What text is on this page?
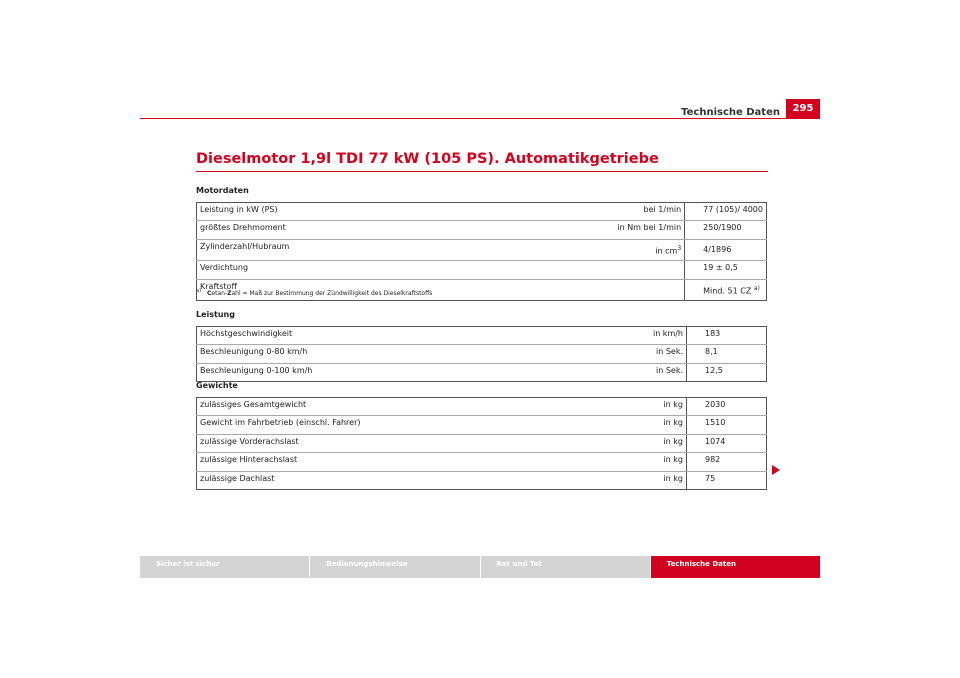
Technische Daten	295
Dieselmotor 1,9l TDI 77 kW (105 PS). Automatikgetriebe
Motordaten
Leistung in kW (PS)	bei 1/min	77 (105)/ 4000
größtes Drehmoment	in Nm bei 1/min	250/1900
Zylinderzahl/Hubraum	in $cm^3$	4/1896
Verdichtung		19 ± 0,5
Kraftstoff		Mind. 51 CZ $^{a)}$
$^{a)}$ Cetan-Zahl = Maß zur Bestimmung der Zündwilligkeit des Dieselkraftstoffs
Leistung
Höchstgeschwindigkeit	in km/h	183
Beschleunigung 0-80 km/h	in Sek.	8,1
Beschleunigung 0-100 km/h	in Sek.	12,5
Gewichte
zulässiges Gesamtgewicht	in kg	2030
Gewicht im Fahrbetrieb (einschl. Fahrer)	in kg	1510
zulässige Vorderachslast	in kg	1074
zulässige Hinterachslast	in kg	982
zulässige Dachlast	in kg	75
Sicher ist sicher	Bedienungshinweise	Rat und Tat	Technische Daten
